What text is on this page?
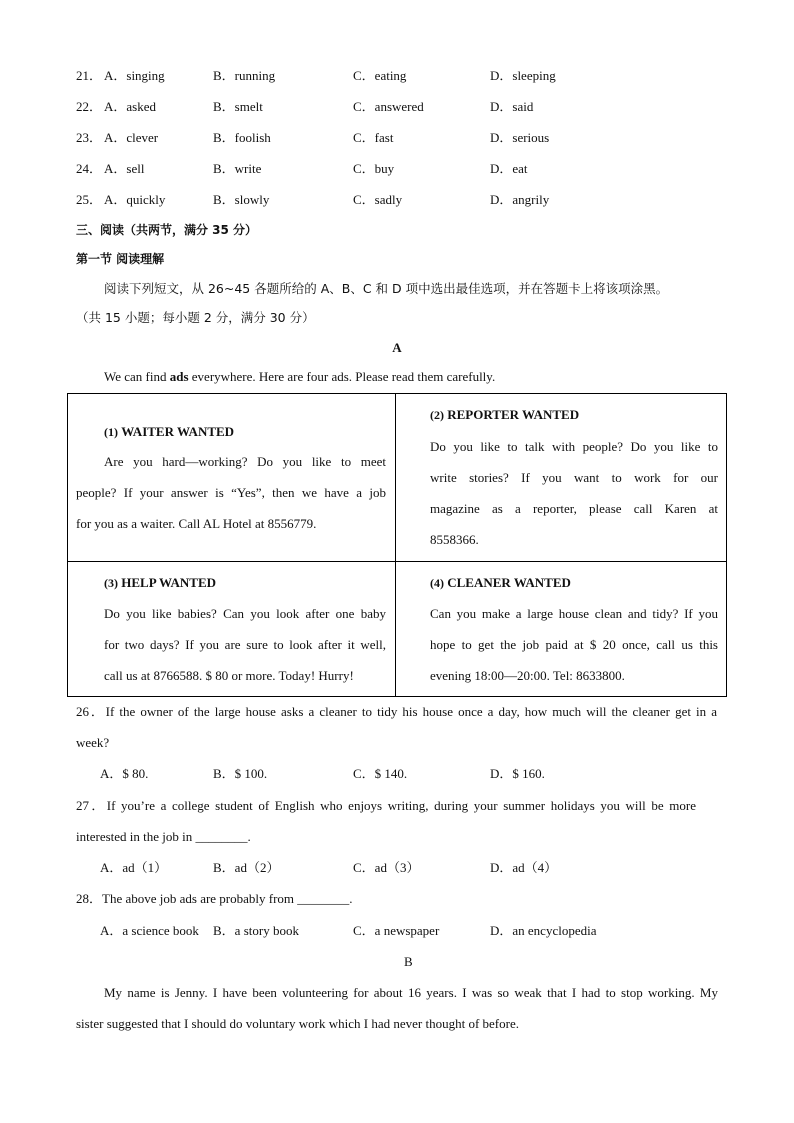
21． A．singing	B．running	C．eating	D．sleeping
22． A．asked	B．smelt	C．answered	D．said
23． A．clever	B．foolish	C．fast	D．serious
24． A．sell	B．write	C．buy	D．eat
25． A．quickly	B．slowly	C．sadly	D．angrily
三、阅读（共两节，满分 35 分）
第一节 阅读理解
阅读下列短文，从 26~45 各题所给的 A、B、C 和 D 项中选出最佳选项，并在答题卡上将该项涂黑。
（共 15 小题；每小题 2 分，满分 30 分）
A
We can find ads everywhere. Here are four ads. Please read them carefully.
(1) WAITER WANTED
Are you hard—working? Do you like to meet
people? If your answer is “Yes”, then we have a job
for you as a waiter. Call AL Hotel at 8556779.
(2) REPORTER WANTED
Do you like to talk with people? Do you like to
write stories? If you want to work for our
magazine as a reporter, please call Karen at
8558366.
(3) HELP WANTED
Do you like babies? Can you look after one baby
for two days? If you are sure to look after it well,
call us at 8766588. $ 80 or more. Today! Hurry!
(4) CLEANER WANTED
Can you make a large house clean and tidy? If you
hope to get the job paid at $ 20 once, call us this
evening 18:00—20:00. Tel: 8633800.
26．If the owner of the large house asks a cleaner to tidy his house once a day, how much will the cleaner get in a
week?
A．$ 80.	B．$ 100.	C．$ 140.	D．$ 160.
27．If you’re a college student of English who enjoys writing, during your summer holidays you will be more
interested in the job in ________.
A．ad（1）	B．ad（2）	C．ad（3）	D．ad（4）
28．The above job ads are probably from ________.
A．a science book B．a story book	C．a newspaper	D．an encyclopedia
B
My name is Jenny. I have been volunteering for about 16 years. I was so weak that I had to stop working. My
sister suggested that I should do voluntary work which I had never thought of before.
